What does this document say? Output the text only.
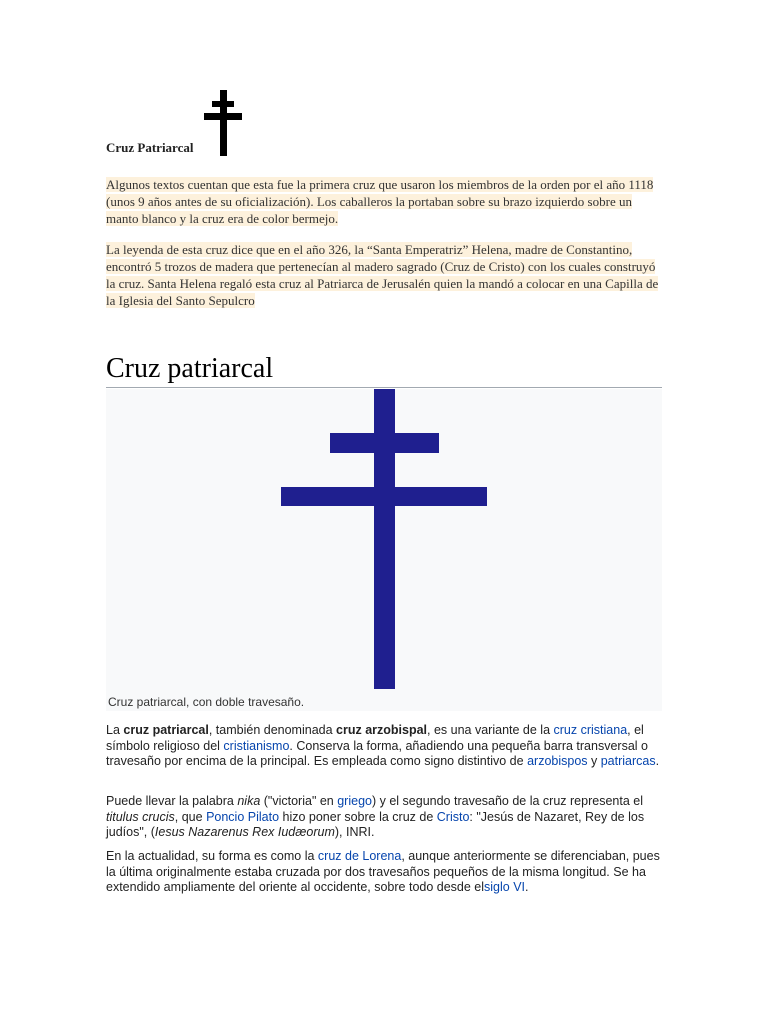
Cruz Patriarcal
Algunos textos cuentan que esta fue la primera cruz que usaron los miembros de la orden por el año 1118 (unos 9 años antes de su oficialización). Los caballeros la portaban sobre su brazo izquierdo sobre un manto blanco y la cruz era de color bermejo.
La leyenda de esta cruz dice que en el año 326, la “Santa Emperatriz” Helena, madre de Constantino, encontró 5 trozos de madera que pertenecían al madero sagrado (Cruz de Cristo) con los cuales construyó la cruz. Santa Helena regaló esta cruz al Patriarca de Jerusalén quien la mandó a colocar en una Capilla de la Iglesia del Santo Sepulcro
Cruz patriarcal
Cruz patriarcal, con doble travesaño.
La cruz patriarcal, también denominada cruz arzobispal, es una variante de la cruz cristiana, el símbolo religioso del cristianismo. Conserva la forma, añadiendo una pequeña barra transversal o travesaño por encima de la principal. Es empleada como signo distintivo de arzobispos y patriarcas.
Puede llevar la palabra nika ("victoria" en griego) y el segundo travesaño de la cruz representa el titulus crucis, que Poncio Pilato hizo poner sobre la cruz de Cristo: "Jesús de Nazaret, Rey de los judíos", (Iesus Nazarenus Rex Iudæorum), INRI.
En la actualidad, su forma es como la cruz de Lorena, aunque anteriormente se diferenciaban, pues la última originalmente estaba cruzada por dos travesaños pequeños de la misma longitud. Se ha extendido ampliamente del oriente al occidente, sobre todo desde elsiglo VI.
